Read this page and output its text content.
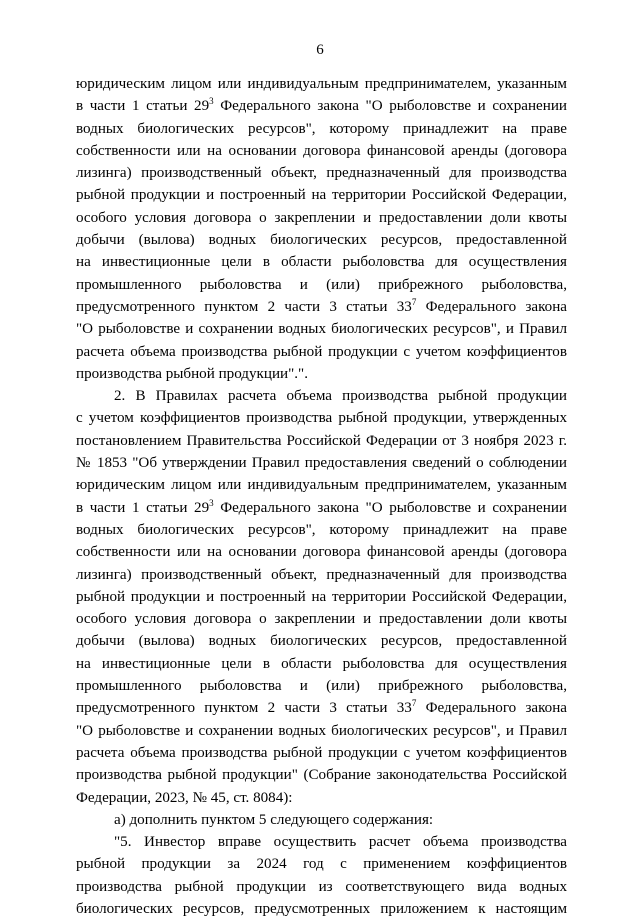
6
юридическим лицом или индивидуальным предпринимателем, указанным
в части 1 статьи $29^3$ Федерального закона "О рыболовстве и сохранении
водных биологических ресурсов", которому принадлежит на праве
собственности или на основании договора финансовой аренды (договора
лизинга) производственный объект, предназначенный для производства
рыбной продукции и построенный на территории Российской Федерации,
особого условия договора о закреплении и предоставлении доли квоты
добычи (вылова) водных биологических ресурсов, предоставленной
на инвестиционные цели в области рыболовства для осуществления
промышленного рыболовства и (или) прибрежного рыболовства,
предусмотренного пунктом 2 части 3 статьи $33^7$ Федерального закона
"О рыболовстве и сохранении водных биологических ресурсов", и Правил
расчета объема производства рыбной продукции с учетом коэффициентов
производства рыбной продукции".".
2. В Правилах расчета объема производства рыбной продукции
с учетом коэффициентов производства рыбной продукции, утвержденных
постановлением Правительства Российской Федерации от 3 ноября 2023 г.
№ 1853 "Об утверждении Правил предоставления сведений о соблюдении
юридическим лицом или индивидуальным предпринимателем, указанным
в части 1 статьи $29^3$ Федерального закона "О рыболовстве и сохранении
водных биологических ресурсов", которому принадлежит на праве
собственности или на основании договора финансовой аренды (договора
лизинга) производственный объект, предназначенный для производства
рыбной продукции и построенный на территории Российской Федерации,
особого условия договора о закреплении и предоставлении доли квоты
добычи (вылова) водных биологических ресурсов, предоставленной
на инвестиционные цели в области рыболовства для осуществления
промышленного рыболовства и (или) прибрежного рыболовства,
предусмотренного пунктом 2 части 3 статьи $33^7$ Федерального закона
"О рыболовстве и сохранении водных биологических ресурсов", и Правил
расчета объема производства рыбной продукции с учетом коэффициентов
производства рыбной продукции" (Собрание законодательства Российской
Федерации, 2023, № 45, ст. 8084):
а) дополнить пунктом 5 следующего содержания:
"5. Инвестор вправе осуществить расчет объема производства
рыбной продукции за 2024 год с применением коэффициентов
производства рыбной продукции из соответствующего вида водных
биологических ресурсов, предусмотренных приложением к настоящим
